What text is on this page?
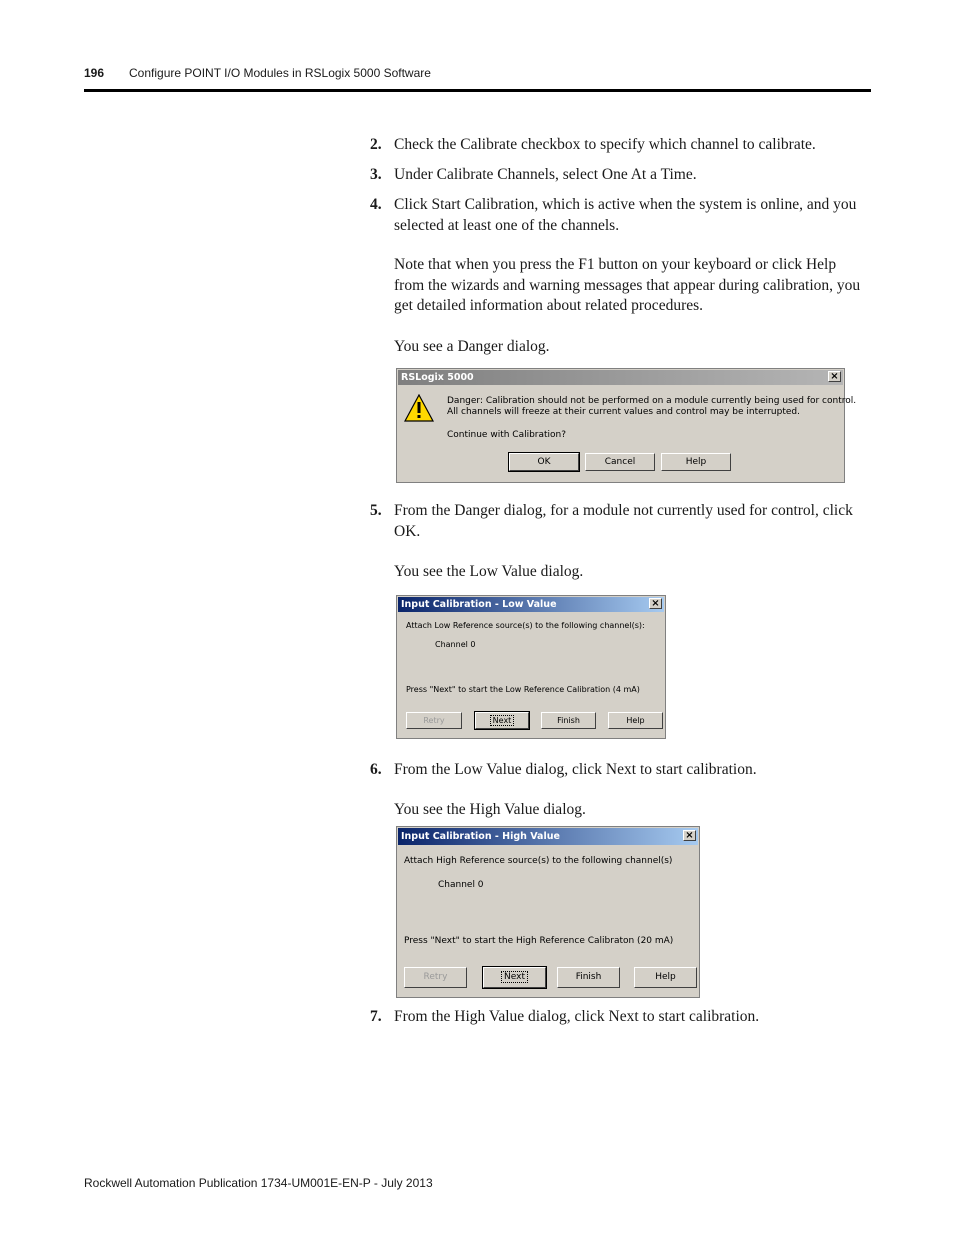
196 Configure POINT I/O Modules in RSLogix 5000 Software
2. Check the Calibrate checkbox to specify which channel to calibrate.
3. Under Calibrate Channels, select One At a Time.
4. Click Start Calibration, which is active when the system is online, and you selected at least one of the channels.
Note that when you press the F1 button on your keyboard or click Help from the wizards and warning messages that appear during calibration, you get detailed information about related procedures.
You see a Danger dialog.
RSLogix 5000	×
Danger: Calibration should not be performed on a module currently being used for control.
All channels will freeze at their current values and control may be interrupted.
Continue with Calibration?
OK	Cancel	Help
5. From the Danger dialog, for a module not currently used for control, click OK.
You see the Low Value dialog.
Input Calibration - Low Value	×
Attach Low Reference source(s) to the following channel(s):
Channel 0
Press "Next" to start the Low Reference Calibration (4 mA)
Retry	Next	Finish	Help
6. From the Low Value dialog, click Next to start calibration.
You see the High Value dialog.
Input Calibration - High Value	×
Attach High Reference source(s) to the following channel(s)
Channel 0
Press "Next" to start the High Reference Calibraton (20 mA)
Retry	Next	Finish	Help
7. From the High Value dialog, click Next to start calibration.
Rockwell Automation Publication 1734-UM001E-EN-P - July 2013
